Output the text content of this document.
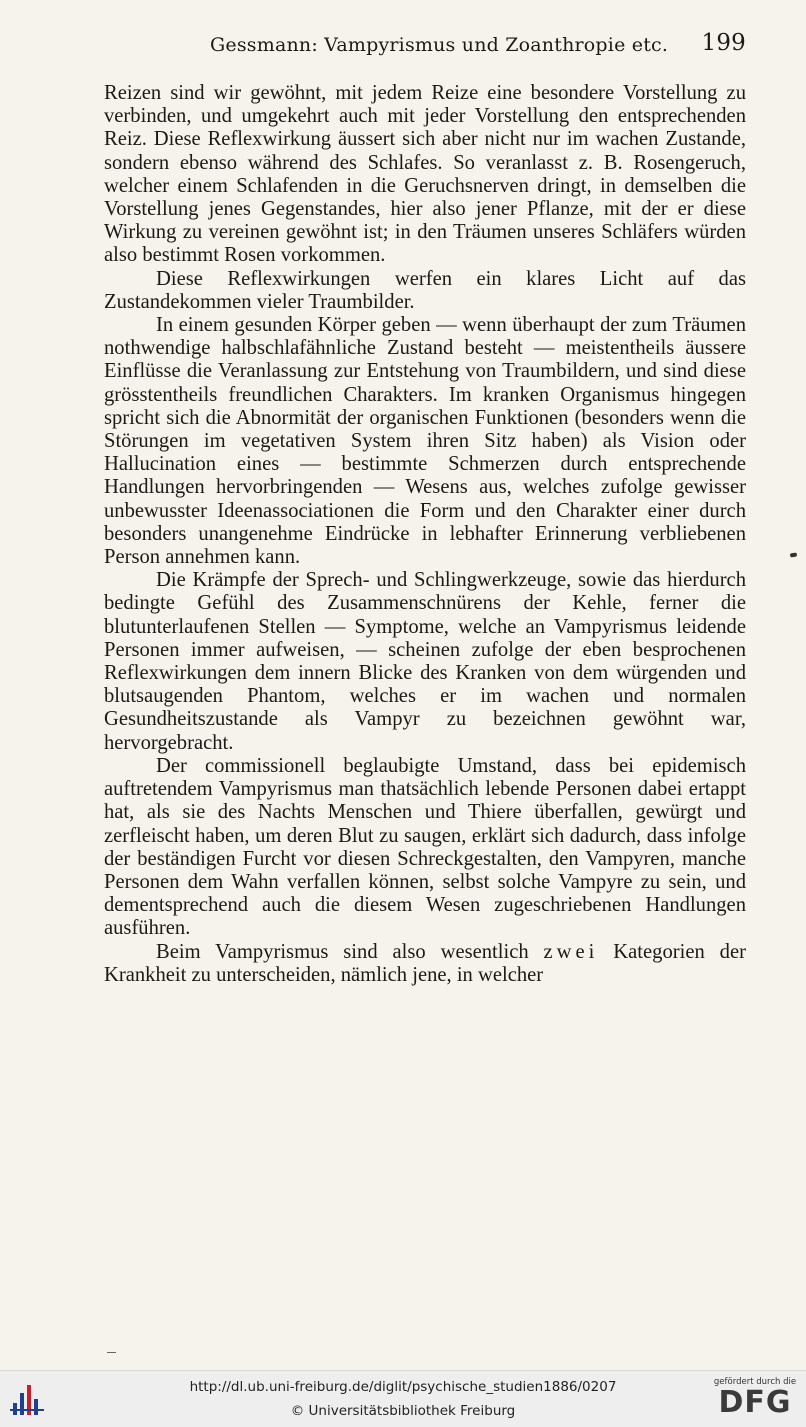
Gessmann: Vampyrismus und Zoanthropie etc. 199

Reizen sind wir gewöhnt, mit jedem Reize eine besondere Vorstellung zu verbinden, und umgekehrt auch mit jeder Vorstellung den entsprechenden Reiz. Diese Reflexwirkung äussert sich aber nicht nur im wachen Zustande, sondern ebenso während des Schlafes. So veranlasst z. B. Rosengeruch, welcher einem Schlafenden in die Geruchsnerven dringt, in demselben die Vorstellung jenes Gegenstandes, hier also jener Pflanze, mit der er diese Wirkung zu vereinen gewöhnt ist; in den Träumen unseres Schläfers würden also bestimmt Rosen vorkommen.

Diese Reflexwirkungen werfen ein klares Licht auf das Zustandekommen vieler Traumbilder.

In einem gesunden Körper geben — wenn überhaupt der zum Träumen nothwendige halbschlafähnliche Zustand besteht — meistentheils äussere Einflüsse die Veranlassung zur Entstehung von Traumbildern, und sind diese grösstentheils freundlichen Charakters. Im kranken Organismus hingegen spricht sich die Abnormität der organischen Funktionen (besonders wenn die Störungen im vegetativen System ihren Sitz haben) als Vision oder Hallucination eines — bestimmte Schmerzen durch entsprechende Handlungen hervorbringenden — Wesens aus, welches zufolge gewisser unbewusster Ideenassociationen die Form und den Charakter einer durch besonders unangenehme Eindrücke in lebhafter Erinnerung verbliebenen Person annehmen kann.

Die Krämpfe der Sprech- und Schlingwerkzeuge, sowie das hierdurch bedingte Gefühl des Zusammenschnürens der Kehle, ferner die blutunterlaufenen Stellen — Symptome, welche an Vampyrismus leidende Personen immer aufweisen, — scheinen zufolge der eben besprochenen Reflexwirkungen dem innern Blicke des Kranken von dem würgenden und blutsaugenden Phantom, welches er im wachen und normalen Gesundheitszustande als Vampyr zu bezeichnen gewöhnt war, hervorgebracht.

Der commissionell beglaubigte Umstand, dass bei epidemisch auftretendem Vampyrismus man thatsächlich lebende Personen dabei ertappt hat, als sie des Nachts Menschen und Thiere überfallen, gewürgt und zerfleischt haben, um deren Blut zu saugen, erklärt sich dadurch, dass infolge der beständigen Furcht vor diesen Schreckgestalten, den Vampyren, manche Personen dem Wahn verfallen können, selbst solche Vampyre zu sein, und dementsprechend auch die diesem Wesen zugeschriebenen Handlungen ausführen.

Beim Vampyrismus sind also wesentlich zwei Kategorien der Krankheit zu unterscheiden, nämlich jene, in welcher

http://dl.ub.uni-freiburg.de/diglit/psychische_studien1886/0207
© Universitätsbibliothek Freiburg
gefördert durch die
DFG
